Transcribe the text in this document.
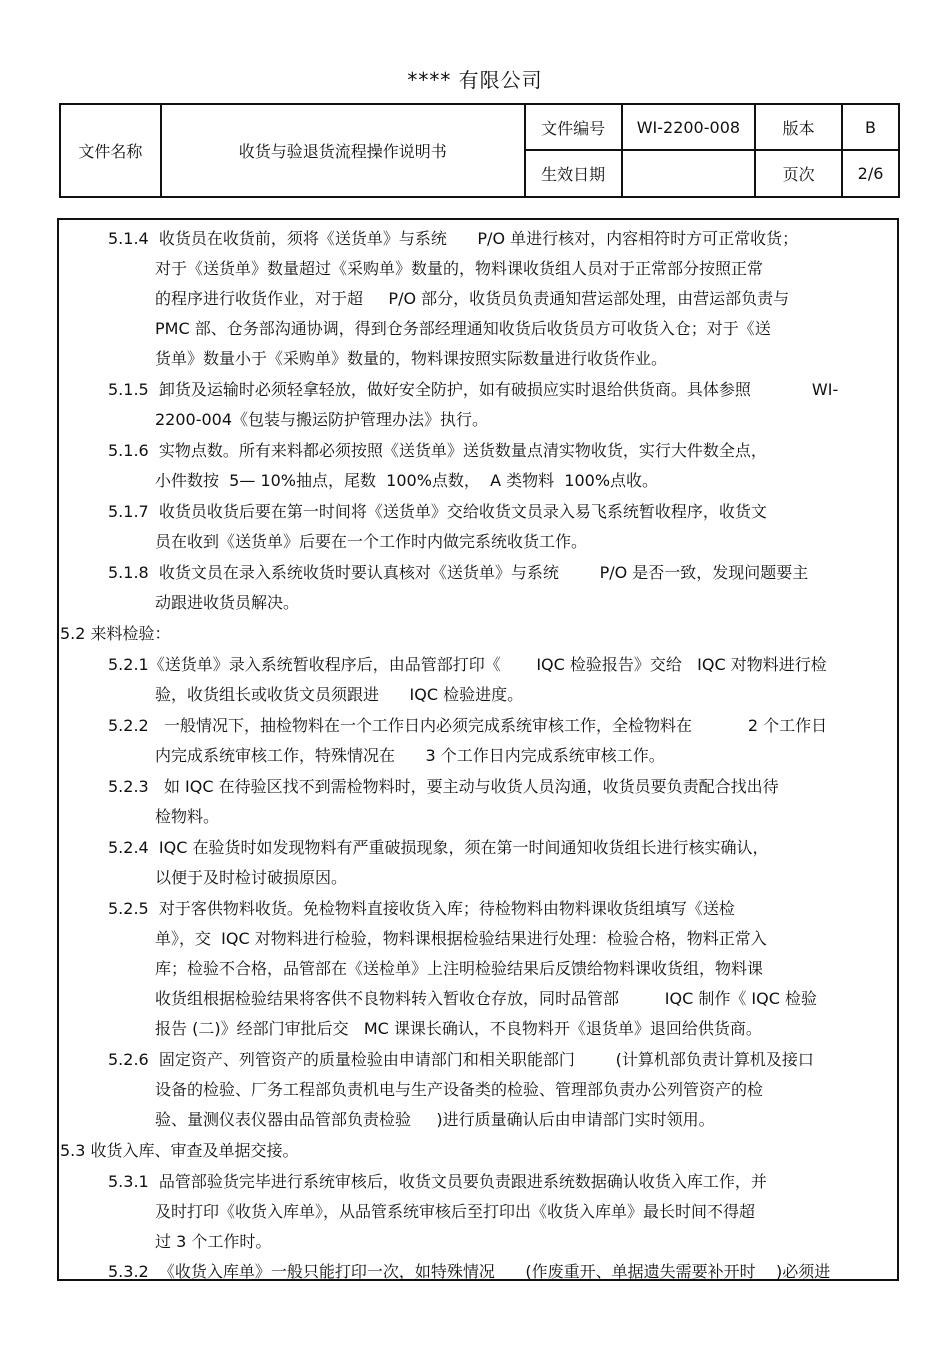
**** 有限公司
文件名称	收货与验退货流程操作说明书	文件编号	WI-2200-008	版本	B
		生效日期		页次	2/6
5.1.4  收货员在收货前，须将《送货单》与系统      P/O 单进行核对，内容相符时方可正常收货；
对于《送货单》数量超过《采购单》数量的，物料课收货组人员对于正常部分按照正常
的程序进行收货作业，对于超     P/O 部分，收货员负责通知营运部处理，由营运部负责与
PMC 部、仓务部沟通协调，得到仓务部经理通知收货后收货员方可收货入仓；对于《送
货单》数量小于《采购单》数量的，物料课按照实际数量进行收货作业。
5.1.5  卸货及运输时必须轻拿轻放，做好安全防护，如有破损应实时退给供货商。具体参照            WI-
2200-004《包装与搬运防护管理办法》执行。
5.1.6  实物点数。所有来料都必须按照《送货单》送货数量点清实物收货，实行大件数全点，
小件数按  5— 10%抽点，尾数  100%点数，  A 类物料  100%点收。
5.1.7  收货员收货后要在第一时间将《送货单》交给收货文员录入易飞系统暂收程序，收货文
员在收到《送货单》后要在一个工作时内做完系统收货工作。
5.1.8  收货文员在录入系统收货时要认真核对《送货单》与系统        P/O 是否一致，发现问题要主
动跟进收货员解决。
5.2 来料检验：
5.2.1《送货单》录入系统暂收程序后，由品管部打印《       IQC 检验报告》交给   IQC 对物料进行检
验，收货组长或收货文员须跟进      IQC 检验进度。
5.2.2   一般情况下，抽检物料在一个工作日内必须完成系统审核工作，全检物料在           2 个工作日
内完成系统审核工作，特殊情况在      3 个工作日内完成系统审核工作。
5.2.3   如 IQC 在待验区找不到需检物料时，要主动与收货人员沟通，收货员要负责配合找出待
检物料。
5.2.4  IQC 在验货时如发现物料有严重破损现象，须在第一时间通知收货组长进行核实确认，
以便于及时检讨破损原因。
5.2.5  对于客供物料收货。免检物料直接收货入库；待检物料由物料课收货组填写《送检
单》，交  IQC 对物料进行检验，物料课根据检验结果进行处理：检验合格，物料正常入
库；检验不合格，品管部在《送检单》上注明检验结果后反馈给物料课收货组，物料课
收货组根据检验结果将客供不良物料转入暂收仓存放，同时品管部         IQC 制作《 IQC 检验
报告 (二)》经部门审批后交   MC 课课长确认，不良物料开《退货单》退回给供货商。
5.2.6  固定资产、列管资产的质量检验由申请部门和相关职能部门        (计算机部负责计算机及接口
设备的检验、厂务工程部负责机电与生产设备类的检验、管理部负责办公列管资产的检
验、量测仪表仪器由品管部负责检验     )进行质量确认后由申请部门实时领用。
5.3 收货入库、审查及单据交接。
5.3.1  品管部验货完毕进行系统审核后，收货文员要负责跟进系统数据确认收货入库工作，并
及时打印《收货入库单》，从品管系统审核后至打印出《收货入库单》最长时间不得超
过 3 个工作时。
5.3.2  《收货入库单》一般只能打印一次，如特殊情况      (作废重开、单据遗失需要补开时    )必须进
